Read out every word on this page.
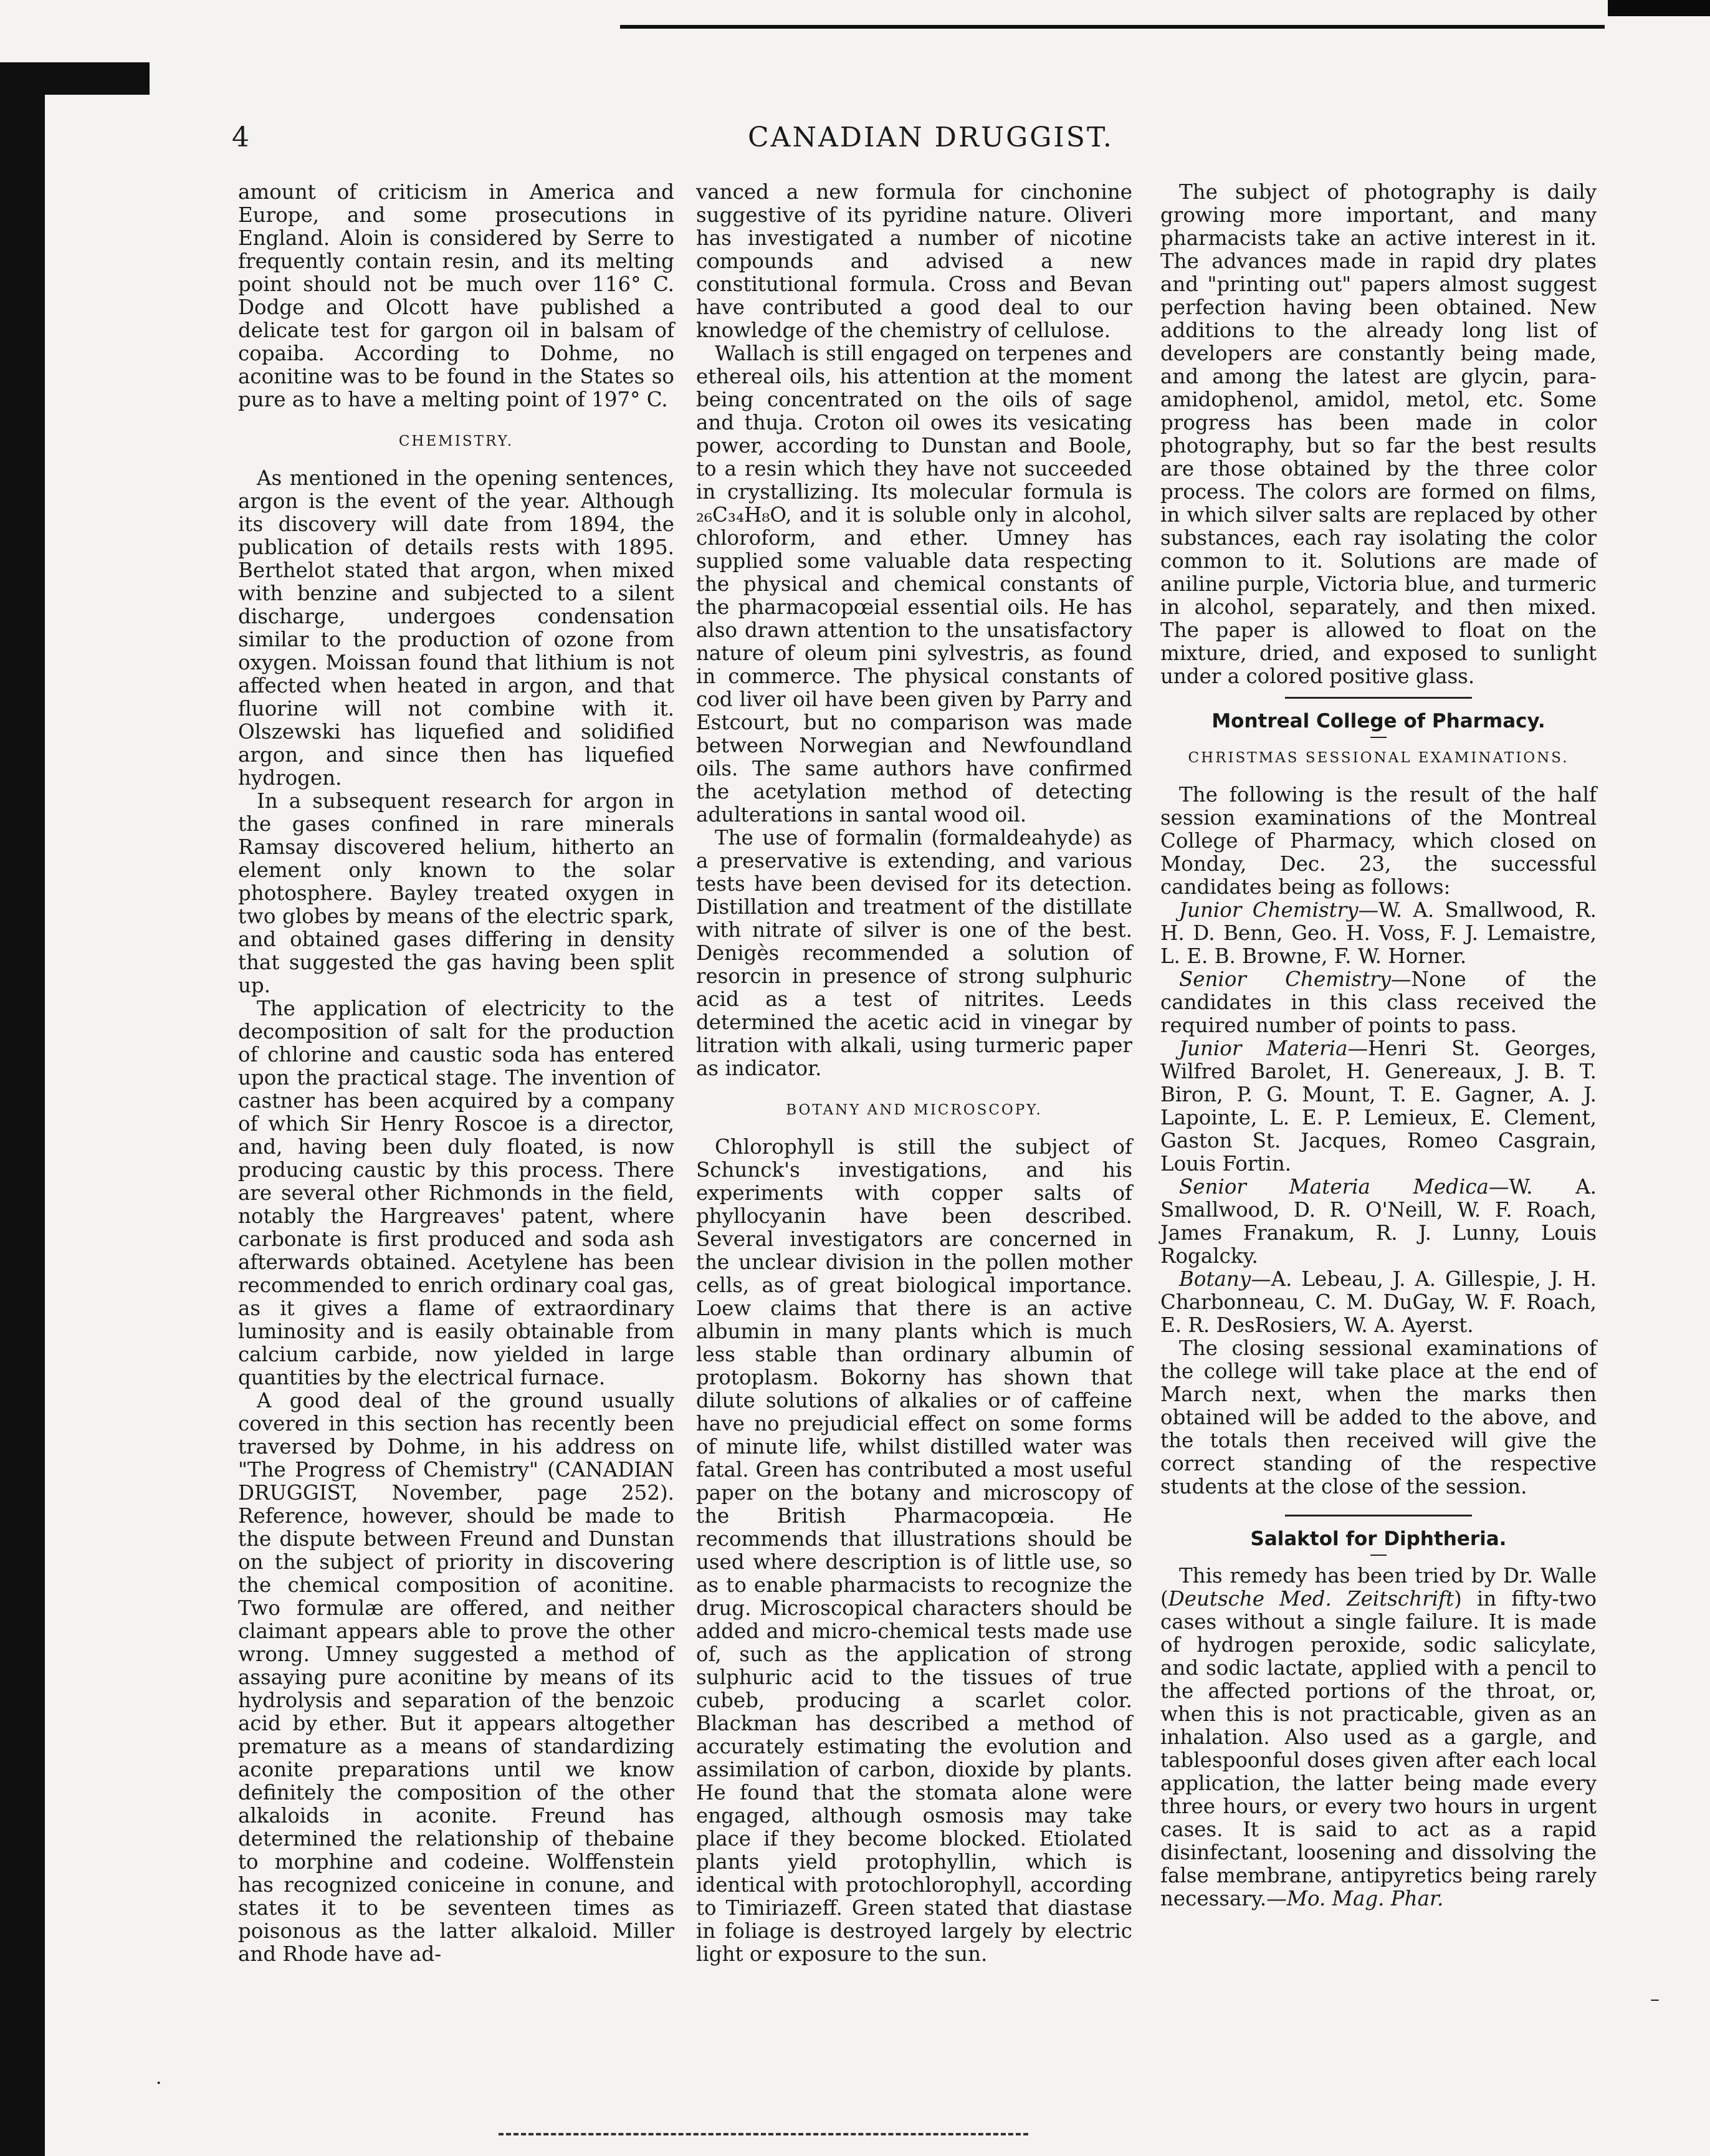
4	CANADIAN DRUGGIST.

amount of criticism in America and Europe, and some prosecutions in England. Aloin is considered by Serre to frequently contain resin, and its melting point should not be much over 116° C. Dodge and Olcott have published a delicate test for gargon oil in balsam of copaiba. According to Dohme, no aconitine was to be found in the States so pure as to have a melting point of 197° C.

CHEMISTRY.

As mentioned in the opening sentences, argon is the event of the year. Although its discovery will date from 1894, the publication of details rests with 1895. Berthelot stated that argon, when mixed with benzine and subjected to a silent discharge, undergoes condensation similar to the production of ozone from oxygen. Moissan found that lithium is not affected when heated in argon, and that fluorine will not combine with it. Olszewski has liquefied and solidified argon, and since then has liquefied hydrogen.

In a subsequent research for argon in the gases confined in rare minerals Ramsay discovered helium, hitherto an element only known to the solar photosphere. Bayley treated oxygen in two globes by means of the electric spark, and obtained gases differing in density that suggested the gas having been split up.

The application of electricity to the decomposition of salt for the production of chlorine and caustic soda has entered upon the practical stage. The invention of castner has been acquired by a company of which Sir Henry Roscoe is a director, and, having been duly floated, is now producing caustic by this process. There are several other Richmonds in the field, notably the Hargreaves' patent, where carbonate is first produced and soda ash afterwards obtained. Acetylene has been recommended to enrich ordinary coal gas, as it gives a flame of extraordinary luminosity and is easily obtainable from calcium carbide, now yielded in large quantities by the electrical furnace.

A good deal of the ground usually covered in this section has recently been traversed by Dohme, in his address on "The Progress of Chemistry" (CANADIAN DRUGGIST, November, page 252). Reference, however, should be made to the dispute between Freund and Dunstan on the subject of priority in discovering the chemical composition of aconitine. Two formulæ are offered, and neither claimant appears able to prove the other wrong. Umney suggested a method of assaying pure aconitine by means of its hydrolysis and separation of the benzoic acid by ether. But it appears altogether premature as a means of standardizing aconite preparations until we know definitely the composition of the other alkaloids in aconite. Freund has determined the relationship of thebaine to morphine and codeine. Wolffenstein has recognized coniceine in conune, and states it to be seventeen times as poisonous as the latter alkaloid. Miller and Rhode have ad-

vanced a new formula for cinchonine suggestive of its pyridine nature. Oliveri has investigated a number of nicotine compounds and advised a new constitutional formula. Cross and Bevan have contributed a good deal to our knowledge of the chemistry of cellulose.

Wallach is still engaged on terpenes and ethereal oils, his attention at the moment being concentrated on the oils of sage and thuja. Croton oil owes its vesicating power, according to Dunstan and Boole, to a resin which they have not succeeded in crystallizing. Its molecular formula is ₂₆C₃₄H₈O, and it is soluble only in alcohol, chloroform, and ether. Umney has supplied some valuable data respecting the physical and chemical constants of the pharmacopœial essential oils. He has also drawn attention to the unsatisfactory nature of oleum pini sylvestris, as found in commerce. The physical constants of cod liver oil have been given by Parry and Estcourt, but no comparison was made between Norwegian and Newfoundland oils. The same authors have confirmed the acetylation method of detecting adulterations in santal wood oil.

The use of formalin (formaldeahyde) as a preservative is extending, and various tests have been devised for its detection. Distillation and treatment of the distillate with nitrate of silver is one of the best. Denigès recommended a solution of resorcin in presence of strong sulphuric acid as a test of nitrites. Leeds determined the acetic acid in vinegar by litration with alkali, using turmeric paper as indicator.

BOTANY AND MICROSCOPY.

Chlorophyll is still the subject of Schunck's investigations, and his experiments with copper salts of phyllocyanin have been described. Several investigators are concerned in the unclear division in the pollen mother cells, as of great biological importance. Loew claims that there is an active albumin in many plants which is much less stable than ordinary albumin of protoplasm. Bokorny has shown that dilute solutions of alkalies or of caffeine have no prejudicial effect on some forms of minute life, whilst distilled water was fatal. Green has contributed a most useful paper on the botany and microscopy of the British Pharmacopœia. He recommends that illustrations should be used where description is of little use, so as to enable pharmacists to recognize the drug. Microscopical characters should be added and micro-chemical tests made use of, such as the application of strong sulphuric acid to the tissues of true cubeb, producing a scarlet color. Blackman has described a method of accurately estimating the evolution and assimilation of carbon, dioxide by plants. He found that the stomata alone were engaged, although osmosis may take place if they become blocked. Etiolated plants yield protophyllin, which is identical with protochlorophyll, according to Timiriazeff. Green stated that diastase in foliage is destroyed largely by electric light or exposure to the sun.

The subject of photography is daily growing more important, and many pharmacists take an active interest in it. The advances made in rapid dry plates and "printing out" papers almost suggest perfection having been obtained. New additions to the already long list of developers are constantly being made, and among the latest are glycin, para-amidophenol, amidol, metol, etc. Some progress has been made in color photography, but so far the best results are those obtained by the three color process. The colors are formed on films, in which silver salts are replaced by other substances, each ray isolating the color common to it. Solutions are made of aniline purple, Victoria blue, and turmeric in alcohol, separately, and then mixed. The paper is allowed to float on the mixture, dried, and exposed to sunlight under a colored positive glass.

Montreal College of Pharmacy.
CHRISTMAS SESSIONAL EXAMINATIONS.

The following is the result of the half session examinations of the Montreal College of Pharmacy, which closed on Monday, Dec. 23, the successful candidates being as follows:

Junior Chemistry—W. A. Smallwood, R. H. D. Benn, Geo. H. Voss, F. J. Lemaistre, L. E. B. Browne, F. W. Horner.

Senior Chemistry—None of the candidates in this class received the required number of points to pass.

Junior Materia—Henri St. Georges, Wilfred Barolet, H. Genereaux, J. B. T. Biron, P. G. Mount, T. E. Gagner, A. J. Lapointe, L. E. P. Lemieux, E. Clement, Gaston St. Jacques, Romeo Casgrain, Louis Fortin.

Senior Materia Medica—W. A. Smallwood, D. R. O'Neill, W. F. Roach, James Franakum, R. J. Lunny, Louis Rogalcky.

Botany—A. Lebeau, J. A. Gillespie, J. H. Charbonneau, C. M. DuGay, W. F. Roach, E. R. DesRosiers, W. A. Ayerst.

The closing sessional examinations of the college will take place at the end of March next, when the marks then obtained will be added to the above, and the totals then received will give the correct standing of the respective students at the close of the session.

Salaktol for Diphtheria.

This remedy has been tried by Dr. Walle (Deutsche Med. Zeitschrift) in fifty-two cases without a single failure. It is made of hydrogen peroxide, sodic salicylate, and sodic lactate, applied with a pencil to the affected portions of the throat, or, when this is not practicable, given as an inhalation. Also used as a gargle, and tablespoonful doses given after each local application, the latter being made every three hours, or every two hours in urgent cases. It is said to act as a rapid disinfectant, loosening and dissolving the false membrane, antipyretics being rarely necessary.—Mo. Mag. Phar.

–
·
